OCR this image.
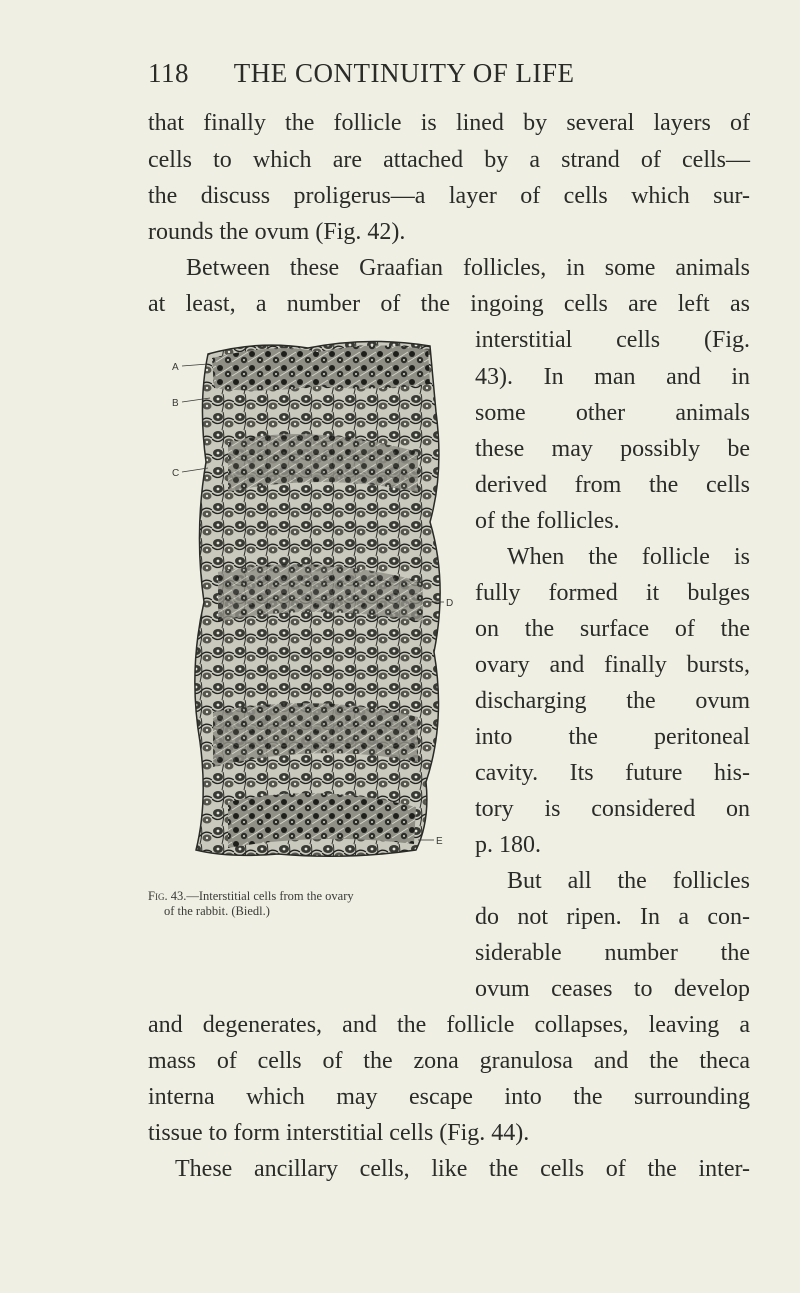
118 THE CONTINUITY OF LIFE
that finally the follicle is lined by several layers of
cells to which are attached by a strand of cells—
the discuss proligerus—a layer of cells which sur-
rounds the ovum (Fig. 42).
Between these Graafian follicles, in some animals
at least, a number of the ingoing cells are left as
interstitial cells (Fig.
43). In man and in
some other animals
these may possibly be
derived from the cells
of the follicles.
When the follicle is
fully formed it bulges
on the surface of the
ovary and finally bursts,
discharging the ovum
into the peritoneal
cavity. Its future his-
tory is considered on
p. 180.
But all the follicles
do not ripen. In a con-
siderable number the
ovum ceases to develop
and degenerates, and the follicle collapses, leaving a
mass of cells of the zona granulosa and the theca
interna which may escape into the surrounding
tissue to form interstitial cells (Fig. 44).
These ancillary cells, like the cells of the inter-
A
B
C
D
E
Fig. 43.—Interstitial cells from the ovary
of the rabbit. (Biedl.)
